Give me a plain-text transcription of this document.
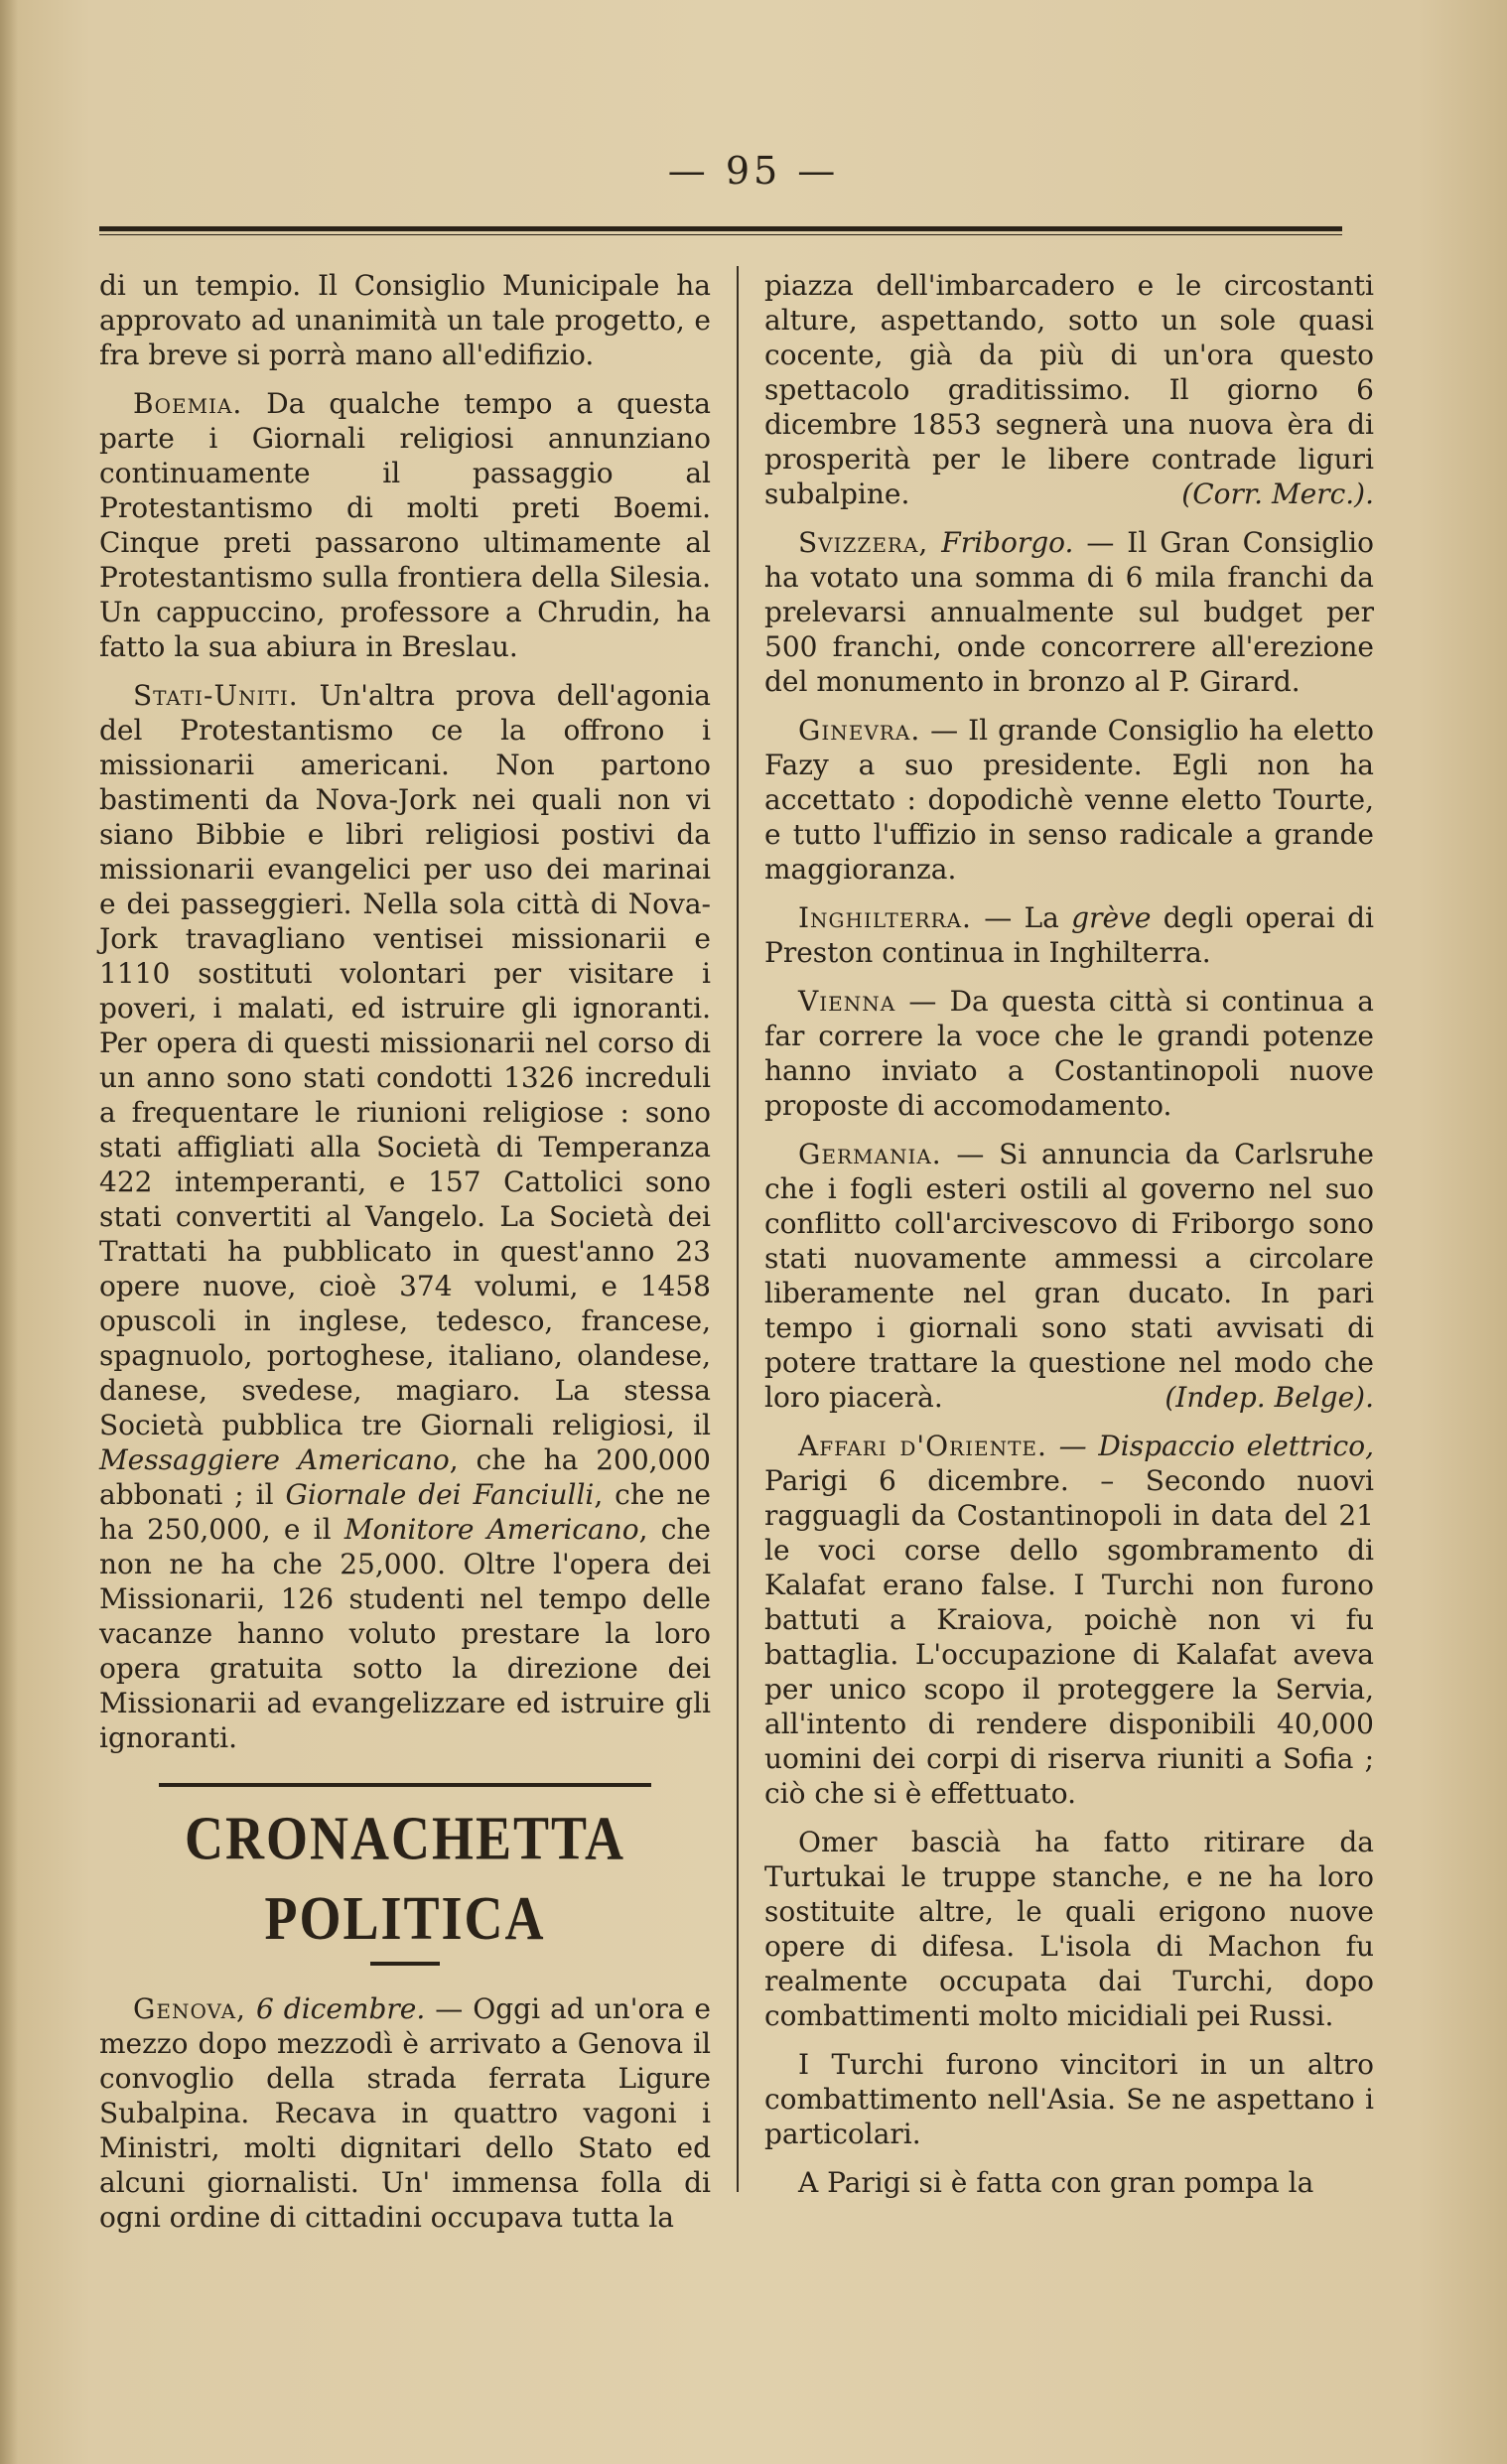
— 95 —

di un tempio. Il Consiglio Municipale ha approvato ad unanimità un tale progetto, e fra breve si porrà mano all'edifizio.

Boemia. Da qualche tempo a questa parte i Giornali religiosi annunziano continuamente il passaggio al Protestantismo di molti preti Boemi. Cinque preti passarono ultimamente al Protestantismo sulla frontiera della Silesia. Un cappuccino, professore a Chrudin, ha fatto la sua abiura in Breslau.

Stati-Uniti. Un'altra prova dell'agonia del Protestantismo ce la offrono i missionarii americani. Non partono bastimenti da Nova-Jork nei quali non vi siano Bibbie e libri religiosi postivi da missionarii evangelici per uso dei marinai e dei passeggieri. Nella sola città di Nova-Jork travagliano ventisei missionarii e 1110 sostituti volontari per visitare i poveri, i malati, ed istruire gli ignoranti. Per opera di questi missionarii nel corso di un anno sono stati condotti 1326 increduli a frequentare le riunioni religiose : sono stati affigliati alla Società di Temperanza 422 intemperanti, e 157 Cattolici sono stati convertiti al Vangelo. La Società dei Trattati ha pubblicato in quest'anno 23 opere nuove, cioè 374 volumi, e 1458 opuscoli in inglese, tedesco, francese, spagnuolo, portoghese, italiano, olandese, danese, svedese, magiaro. La stessa Società pubblica tre Giornali religiosi, il Messaggiere Americano, che ha 200,000 abbonati ; il Giornale dei Fanciulli, che ne ha 250,000, e il Monitore Americano, che non ne ha che 25,000. Oltre l'opera dei Missionarii, 126 studenti nel tempo delle vacanze hanno voluto prestare la loro opera gratuita sotto la direzione dei Missionarii ad evangelizzare ed istruire gli ignoranti.

CRONACHETTA POLITICA

Genova, 6 dicembre. — Oggi ad un'ora e mezzo dopo mezzodì è arrivato a Genova il convoglio della strada ferrata Ligure Subalpina. Recava in quattro vagoni i Ministri, molti dignitari dello Stato ed alcuni giornalisti. Un' immensa folla di ogni ordine di cittadini occupava tutta la

piazza dell'imbarcadero e le circostanti alture, aspettando, sotto un sole quasi cocente, già da più di un'ora questo spettacolo graditissimo. Il giorno 6 dicembre 1853 segnerà una nuova èra di prosperità per le libere contrade liguri subalpine.	(Corr. Merc.).

Svizzera, Friborgo. — Il Gran Consiglio ha votato una somma di 6 mila franchi da prelevarsi annualmente sul budget per 500 franchi, onde concorrere all'erezione del monumento in bronzo al P. Girard.

Ginevra. — Il grande Consiglio ha eletto Fazy a suo presidente. Egli non ha accettato : dopodichè venne eletto Tourte, e tutto l'uffizio in senso radicale a grande maggioranza.

Inghilterra. — La grève degli operai di Preston continua in Inghilterra.

Vienna — Da questa città si continua a far correre la voce che le grandi potenze hanno inviato a Costantinopoli nuove proposte di accomodamento.

Germania. — Si annuncia da Carlsruhe che i fogli esteri ostili al governo nel suo conflitto coll'arcivescovo di Friborgo sono stati nuovamente ammessi a circolare liberamente nel gran ducato. In pari tempo i giornali sono stati avvisati di potere trattare la questione nel modo che loro piacerà.	(Indep. Belge).

Affari d'Oriente. — Dispaccio elettrico, Parigi 6 dicembre. – Secondo nuovi ragguagli da Costantinopoli in data del 21 le voci corse dello sgombramento di Kalafat erano false. I Turchi non furono battuti a Kraiova, poichè non vi fu battaglia. L'occupazione di Kalafat aveva per unico scopo il proteggere la Servia, all'intento di rendere disponibili 40,000 uomini dei corpi di riserva riuniti a Sofia ; ciò che si è effettuato.

Omer bascià ha fatto ritirare da Turtukai le truppe stanche, e ne ha loro sostituite altre, le quali erigono nuove opere di difesa. L'isola di Machon fu realmente occupata dai Turchi, dopo combattimenti molto micidiali pei Russi.

I Turchi furono vincitori in un altro combattimento nell'Asia. Se ne aspettano i particolari.

A Parigi si è fatta con gran pompa la
